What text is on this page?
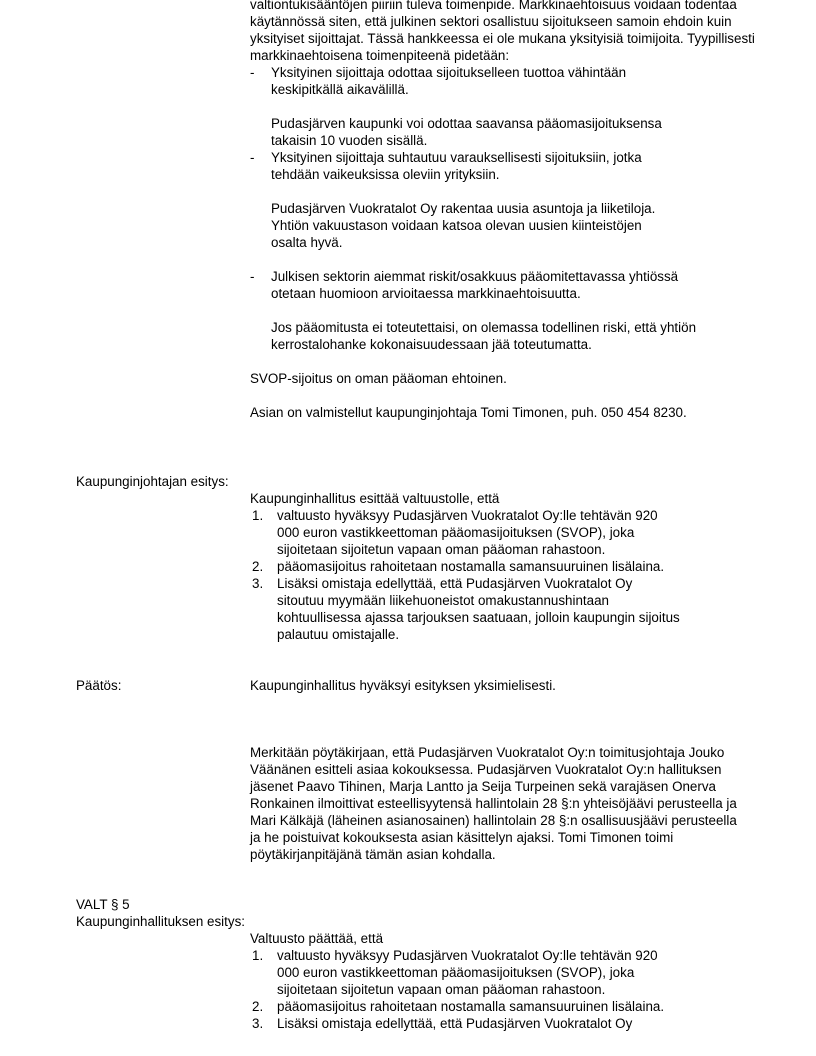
valtiontukisääntöjen piiriin tuleva toimenpide. Markkinaehtoisuus voidaan todentaa käytännössä siten, että julkinen sektori osallistuu sijoitukseen samoin ehdoin kuin yksityiset sijoittajat. Tässä hankkeessa ei ole mukana yksityisiä toimijoita. Tyypillisesti markkinaehtoisena toimenpiteenä pidetään:

- Yksityinen sijoittaja odottaa sijoitukselleen tuottoa vähintään keskipitkällä aikavälillä.
Pudasjärven kaupunki voi odottaa saavansa pääomasijoituksensa takaisin 10 vuoden sisällä.
- Yksityinen sijoittaja suhtautuu varauksellisesti sijoituksiin, jotka tehdään vaikeuksissa oleviin yrityksiin.
Pudasjärven Vuokratalot Oy rakentaa uusia asuntoja ja liiketiloja. Yhtiön vakuustason voidaan katsoa olevan uusien kiinteistöjen osalta hyvä.
- Julkisen sektorin aiemmat riskit/osakkuus pääomitettavassa yhtiössä otetaan huomioon arvioitaessa markkinaehtoisuutta.
Jos pääomitusta ei toteutettaisi, on olemassa todellinen riski, että yhtiön kerrostalohanke kokonaisuudessaan jää toteutumatta.

SVOP-sijoitus on oman pääoman ehtoinen.

Asian on valmistellut kaupunginjohtaja Tomi Timonen, puh. 050 454 8230.

Kaupunginjohtajan esitys:

Kaupunginhallitus esittää valtuustolle, että

1. valtuusto hyväksyy Pudasjärven Vuokratalot Oy:lle tehtävän 920 000 euron vastikkeettoman pääomasijoituksen (SVOP), joka sijoitetaan sijoitetun vapaan oman pääoman rahastoon.
2. pääomasijoitus rahoitetaan nostamalla samansuuruinen lisälaina.
3. Lisäksi omistaja edellyttää, että Pudasjärven Vuokratalot Oy sitoutuu myymään liikehuoneistot omakustannushintaan kohtuullisessa ajassa tarjouksen saatuaan, jolloin kaupungin sijoitus palautuu omistajalle.
Päätös:	Kaupunginhallitus hyväksyi esityksen yksimielisesti.
Merkitään pöytäkirjaan, että Pudasjärven Vuokratalot Oy:n toimitusjohtaja Jouko Väänänen esitteli asiaa kokouksessa. Pudasjärven Vuokratalot Oy:n hallituksen jäsenet Paavo Tihinen, Marja Lantto ja Seija Turpeinen sekä varajäsen Onerva Ronkainen ilmoittivat esteellisyytensä hallintolain 28 §:n yhteisöjäävi perusteella ja Mari Kälkäjä (läheinen asianosainen) hallintolain 28 §:n osallisuusjäävi perusteella ja he poistuivat kokouksesta asian käsittelyn ajaksi. Tomi Timonen toimi pöytäkirjanpitäjänä tämän asian kohdalla.
VALT § 5
Kaupunginhallituksen esitys:

Valtuusto päättää, että

1. valtuusto hyväksyy Pudasjärven Vuokratalot Oy:lle tehtävän 920 000 euron vastikkeettoman pääomasijoituksen (SVOP), joka sijoitetaan sijoitetun vapaan oman pääoman rahastoon.
2. pääomasijoitus rahoitetaan nostamalla samansuuruinen lisälaina.
3. Lisäksi omistaja edellyttää, että Pudasjärven Vuokratalot Oy
